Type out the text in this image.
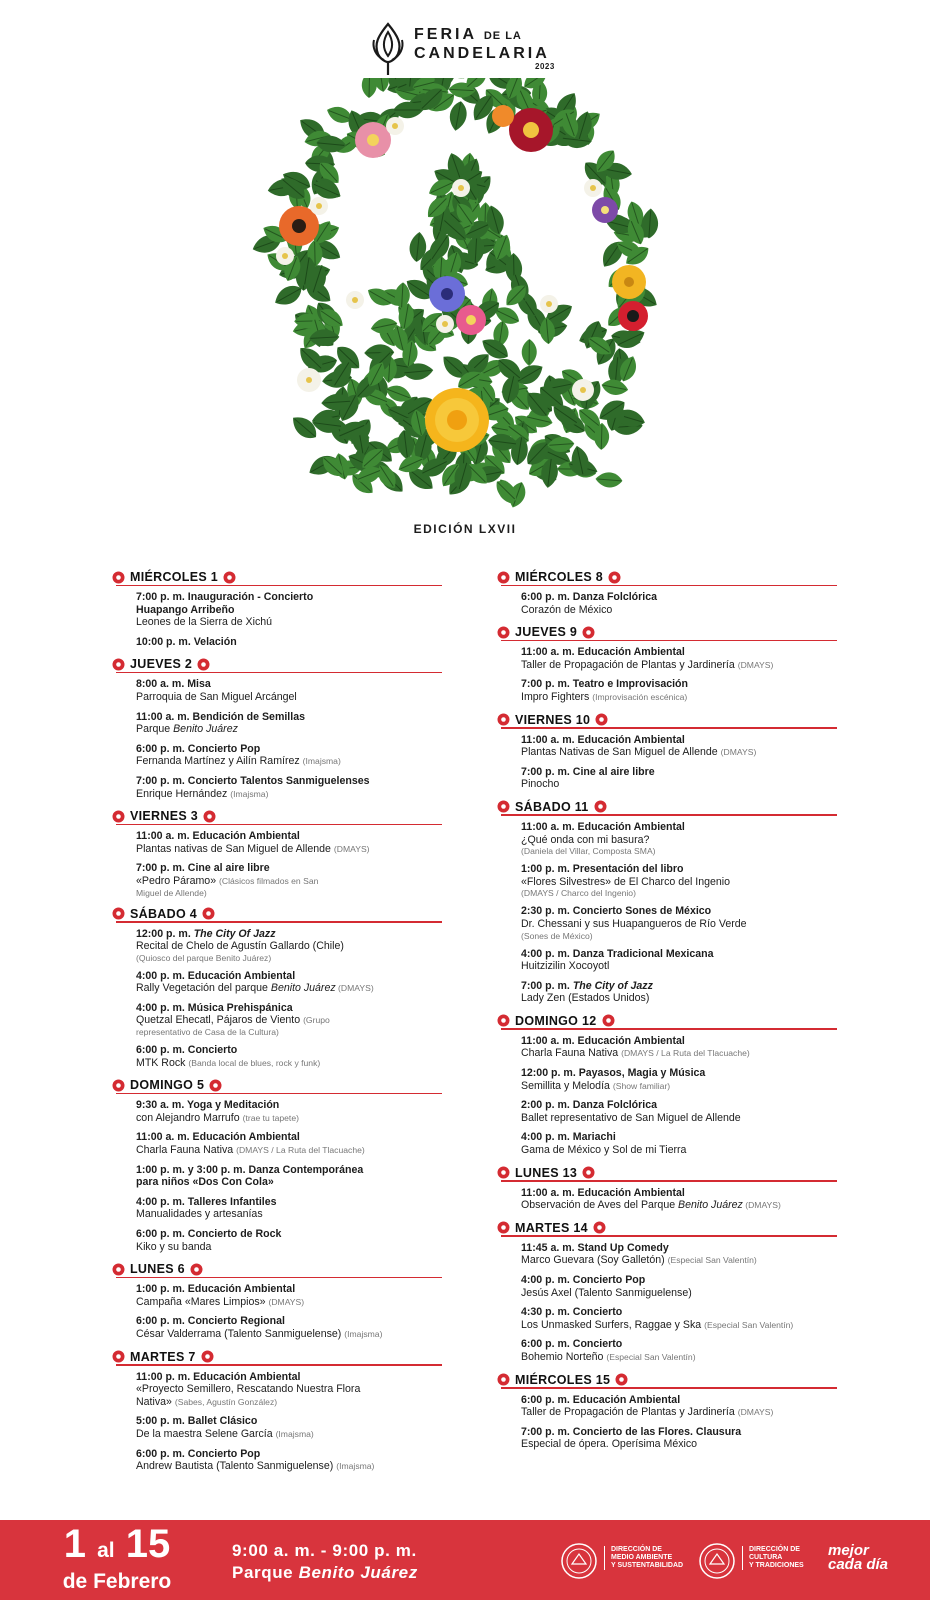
FERIA DE LA
CANDELARIA
2023
EDICIÓN LXVII
MIÉRCOLES 1
7:00 p. m. Inauguración - Concierto
Huapango Arribeño
Leones de la Sierra de Xichú
10:00 p. m. Velación
JUEVES 2
8:00 a. m. Misa
Parroquia de San Miguel Arcángel
11:00 a. m. Bendición de Semillas
Parque Benito Juárez
6:00 p. m. Concierto Pop
Fernanda Martínez y Ailín Ramírez (Imajsma)
7:00 p. m. Concierto Talentos Sanmiguelenses
Enrique Hernández (Imajsma)
VIERNES 3
11:00 a. m. Educación Ambiental
Plantas nativas de San Miguel de Allende (DMAYS)
7:00 p. m. Cine al aire libre
«Pedro Páramo» (Clásicos filmados en San
Miguel de Allende)
SÁBADO 4
12:00 p. m. The City Of Jazz
Recital de Chelo de Agustín Gallardo (Chile)
(Quiosco del parque Benito Juárez)
4:00 p. m. Educación Ambiental
Rally Vegetación del parque Benito Juárez (DMAYS)
4:00 p. m. Música Prehispánica
Quetzal Ehecatl, Pájaros de Viento (Grupo
representativo de Casa de la Cultura)
6:00 p. m. Concierto
MTK Rock (Banda local de blues, rock y funk)
DOMINGO 5
9:30 a. m. Yoga y Meditación
con Alejandro Marrufo (trae tu tapete)
11:00 a. m. Educación Ambiental
Charla Fauna Nativa (DMAYS / La Ruta del Tlacuache)
1:00 p. m. y 3:00 p. m. Danza Contemporánea
para niños «Dos Con Cola»
4:00 p. m. Talleres Infantiles
Manualidades y artesanías
6:00 p. m. Concierto de Rock
Kiko y su banda
LUNES 6
1:00 p. m. Educación Ambiental
Campaña «Mares Limpios» (DMAYS)
6:00 p. m. Concierto Regional
César Valderrama (Talento Sanmiguelense) (Imajsma)
MARTES 7
11:00 p. m. Educación Ambiental
«Proyecto Semillero, Rescatando Nuestra Flora
Nativa» (Sabes, Agustín González)
5:00 p. m. Ballet Clásico
De la maestra Selene García (Imajsma)
6:00 p. m. Concierto Pop
Andrew Bautista (Talento Sanmiguelense) (Imajsma)
MIÉRCOLES 8
6:00 p. m. Danza Folclórica
Corazón de México
JUEVES 9
11:00 a. m. Educación Ambiental
Taller de Propagación de Plantas y Jardinería (DMAYS)
7:00 p. m. Teatro e Improvisación
Impro Fighters (Improvisación escénica)
VIERNES 10
11:00 a. m. Educación Ambiental
Plantas Nativas de San Miguel de Allende (DMAYS)
7:00 p. m. Cine al aire libre
Pinocho
SÁBADO 11
11:00 a. m. Educación Ambiental
¿Qué onda con mi basura?
(Daniela del Villar, Composta SMA)
1:00 p. m. Presentación del libro
«Flores Silvestres» de El Charco del Ingenio
(DMAYS / Charco del Ingenio)
2:30 p. m. Concierto Sones de México
Dr. Chessani y sus Huapangueros de Río Verde
(Sones de México)
4:00 p. m. Danza Tradicional Mexicana
Huitzizilin Xocoyotl
7:00 p. m. The City of Jazz
Lady Zen (Estados Unidos)
DOMINGO 12
11:00 a. m. Educación Ambiental
Charla Fauna Nativa (DMAYS / La Ruta del Tlacuache)
12:00 p. m. Payasos, Magia y Música
Semillita y Melodía (Show familiar)
2:00 p. m. Danza Folclórica
Ballet representativo de San Miguel de Allende
4:00 p. m. Mariachi
Gama de México y Sol de mi Tierra
LUNES 13
11:00 a. m. Educación Ambiental
Observación de Aves del Parque Benito Juárez (DMAYS)
MARTES 14
11:45 a. m. Stand Up Comedy
Marco Guevara (Soy Galletón) (Especial San Valentín)
4:00 p. m. Concierto Pop
Jesús Axel (Talento Sanmiguelense)
4:30 p. m. Concierto
Los Unmasked Surfers, Raggae y Ska (Especial San Valentín)
6:00 p. m. Concierto
Bohemio Norteño (Especial San Valentín)
MIÉRCOLES 15
6:00 p. m. Educación Ambiental
Taller de Propagación de Plantas y Jardinería (DMAYS)
7:00 p. m. Concierto de las Flores. Clausura
Especial de ópera. Operísima México
1 al 15
de Febrero
9:00 a. m. - 9:00 p. m.
Parque Benito Juárez
DIRECCIÓN DE
MEDIO AMBIENTE
Y SUSTENTABILIDAD
DIRECCIÓN DE
CULTURA
Y TRADICIONES
mejor
cada día
